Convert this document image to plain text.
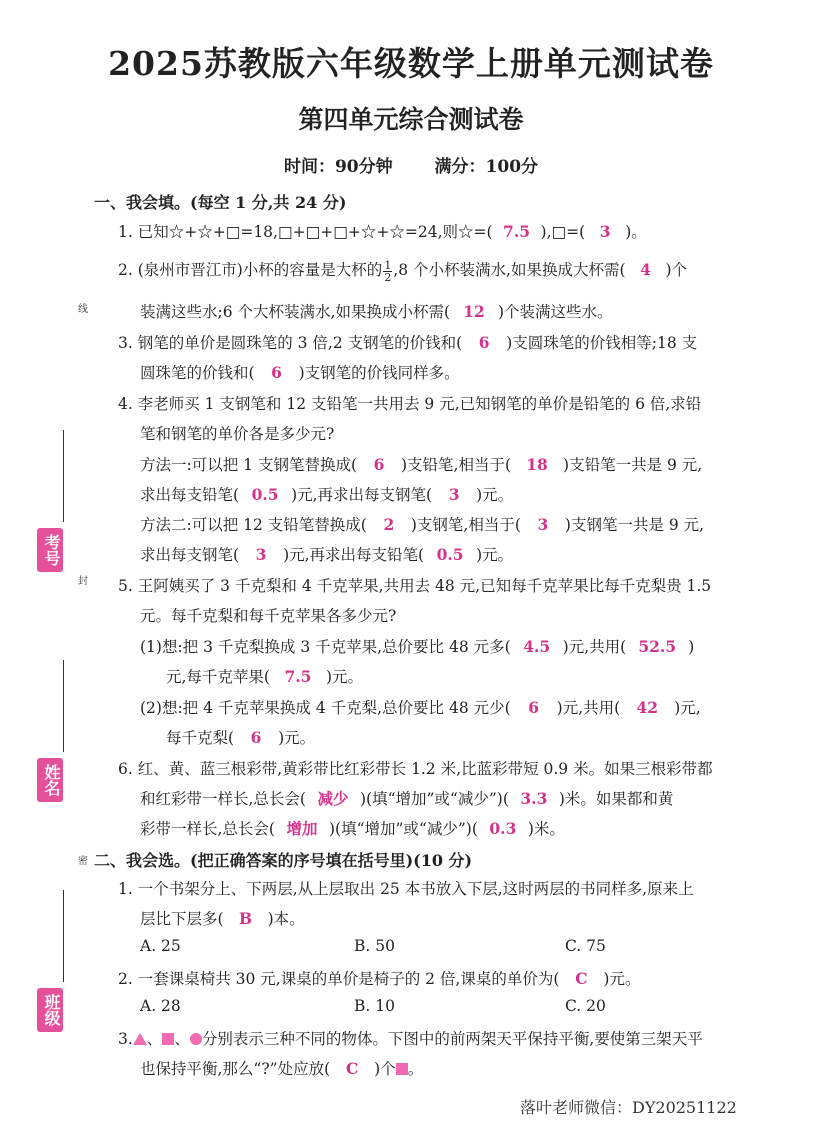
2025苏教版六年级数学上册单元测试卷
第四单元综合测试卷
时间：90分钟 满分：100分
线
封
密
考号
姓名
班级
一、我会填。(每空 1 分,共 24 分)
1. 已知☆+☆+□=18,□+□+□+☆+☆=24,则☆=( 7.5 ),□=( 3 )。
2. (泉州市晋江市)小杯的容量是大杯的 $\frac{1}{2} ,8$ 个小杯装满水,如果换成大杯需( 4 )个
装满这些水;6 个大杯装满水,如果换成小杯需( 12 )个装满这些水。
3. 钢笔的单价是圆珠笔的 3 倍,2 支钢笔的价钱和( 6 )支圆珠笔的价钱相等;18 支
圆珠笔的价钱和( 6 )支钢笔的价钱同样多。
4. 李老师买 1 支钢笔和 12 支铅笔一共用去 9 元,已知钢笔的单价是铅笔的 6 倍,求铅
笔和钢笔的单价各是多少元?
方法一:可以把 1 支钢笔替换成( 6 )支铅笔,相当于( 18 )支铅笔一共是 9 元,
求出每支铅笔( 0.5 )元,再求出每支钢笔( 3 )元。
方法二:可以把 12 支铅笔替换成( 2 )支钢笔,相当于( 3 )支钢笔一共是 9 元,
求出每支钢笔( 3 )元,再求出每支铅笔( 0.5 )元。
5. 王阿姨买了 3 千克梨和 4 千克苹果,共用去 48 元,已知每千克苹果比每千克梨贵 1.5
元。每千克梨和每千克苹果各多少元?
(1)想:把 3 千克梨换成 3 千克苹果,总价要比 48 元多( 4.5 )元,共用( 52.5 )
元,每千克苹果( 7.5 )元。
(2)想:把 4 千克苹果换成 4 千克梨,总价要比 48 元少( 6 )元,共用( 42 )元,
每千克梨( 6 )元。
6. 红、黄、蓝三根彩带,黄彩带比红彩带长 1.2 米,比蓝彩带短 0.9 米。如果三根彩带都
和红彩带一样长,总长会( 减少 )(填“增加”或“减少”)( 3.3 )米。如果都和黄
彩带一样长,总长会( 增加 )(填“增加”或“减少”)( 0.3 )米。
二、我会选。(把正确答案的序号填在括号里)(10 分)
1. 一个书架分上、下两层,从上层取出 25 本书放入下层,这时两层的书同样多,原来上
层比下层多( B )本。
A. 25	B. 50	C. 75
2. 一套课桌椅共 30 元,课桌的单价是椅子的 2 倍,课桌的单价为( C )元。
A. 28	B. 10	C. 20
3. 、 、 分别表示三种不同的物体。下图中的前两架天平保持平衡,要使第三架天平
也保持平衡,那么“?”处应放( C )个 。
落叶老师微信：DY20251122
